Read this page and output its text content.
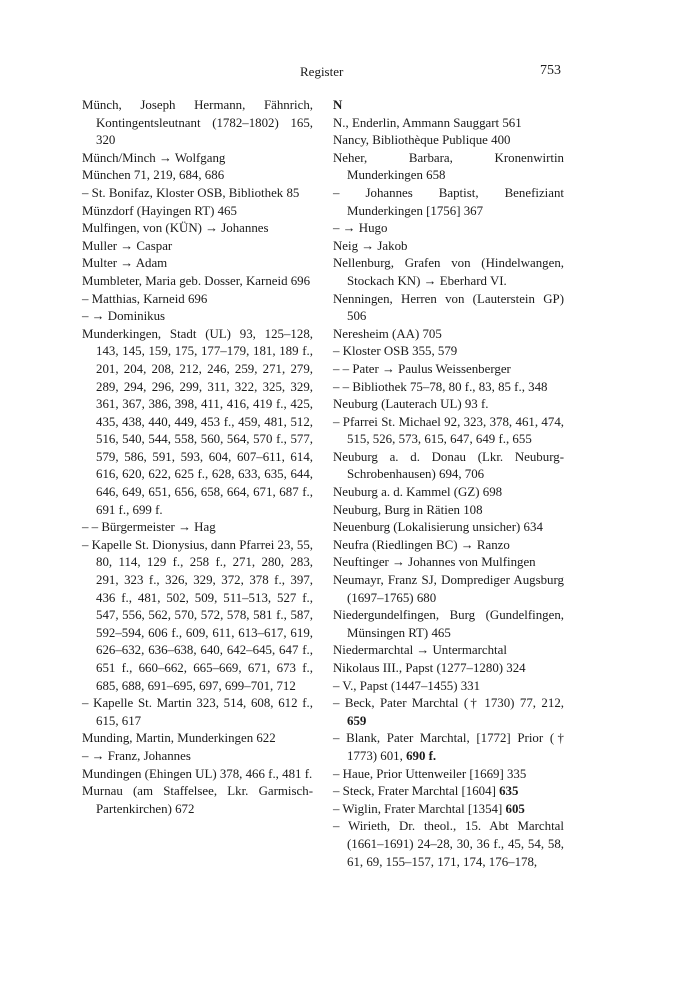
Register	753
Münch, Joseph Hermann, Fähnrich, Kontingentsleutnant (1782–1802) 165, 320
Münch/Minch → Wolfgang
München 71, 219, 684, 686
– St. Bonifaz, Kloster OSB, Bibliothek 85
Münzdorf (Hayingen RT) 465
Mulfingen, von (KÜN) → Johannes
Muller → Caspar
Multer → Adam
Mumbleter, Maria geb. Dosser, Karneid 696
– Matthias, Karneid 696
– → Dominikus
Munderkingen, Stadt (UL) 93, 125–128, 143, 145, 159, 175, 177–179, 181, 189 f., 201, 204, 208, 212, 246, 259, 271, 279, 289, 294, 296, 299, 311, 322, 325, 329, 361, 367, 386, 398, 411, 416, 419 f., 425, 435, 438, 440, 449, 453 f., 459, 481, 512, 516, 540, 544, 558, 560, 564, 570 f., 577, 579, 586, 591, 593, 604, 607–611, 614, 616, 620, 622, 625 f., 628, 633, 635, 644, 646, 649, 651, 656, 658, 664, 671, 687 f., 691 f., 699 f.
– – Bürgermeister → Hag
– Kapelle St. Dionysius, dann Pfarrei 23, 55, 80, 114, 129 f., 258 f., 271, 280, 283, 291, 323 f., 326, 329, 372, 378 f., 397, 436 f., 481, 502, 509, 511–513, 527 f., 547, 556, 562, 570, 572, 578, 581 f., 587, 592–594, 606 f., 609, 611, 613–617, 619, 626–632, 636–638, 640, 642–645, 647 f., 651 f., 660–662, 665–669, 671, 673 f., 685, 688, 691–695, 697, 699–701, 712
– Kapelle St. Martin 323, 514, 608, 612 f., 615, 617
Munding, Martin, Munderkingen 622
– → Franz, Johannes
Mundingen (Ehingen UL) 378, 466 f., 481 f.
Murnau (am Staffelsee, Lkr. Garmisch-Partenkirchen) 672
N
N., Enderlin, Ammann Sauggart 561
Nancy, Bibliothèque Publique 400
Neher, Barbara, Kronenwirtin Munderkingen 658
– Johannes Baptist, Benefiziant Munderkingen [1756] 367
– → Hugo
Neig → Jakob
Nellenburg, Grafen von (Hindelwangen, Stockach KN) → Eberhard VI.
Nenningen, Herren von (Lauterstein GP) 506
Neresheim (AA) 705
– Kloster OSB 355, 579
– – Pater → Paulus Weissenberger
– – Bibliothek 75–78, 80 f., 83, 85 f., 348
Neuburg (Lauterach UL) 93 f.
– Pfarrei St. Michael 92, 323, 378, 461, 474, 515, 526, 573, 615, 647, 649 f., 655
Neuburg a. d. Donau (Lkr. Neuburg-Schrobenhausen) 694, 706
Neuburg a. d. Kammel (GZ) 698
Neuburg, Burg in Rätien 108
Neuenburg (Lokalisierung unsicher) 634
Neufra (Riedlingen BC) → Ranzo
Neuftinger → Johannes von Mulfingen
Neumayr, Franz SJ, Domprediger Augsburg (1697–1765) 680
Niedergundelfingen, Burg (Gundelfingen, Münsingen RT) 465
Niedermarchtal → Untermarchtal
Nikolaus III., Papst (1277–1280) 324
– V., Papst (1447–1455) 331
– Beck, Pater Marchtal († 1730) 77, 212, 659
– Blank, Pater Marchtal, [1772] Prior († 1773) 601, 690 f.
– Haue, Prior Uttenweiler [1669] 335
– Steck, Frater Marchtal [1604] 635
– Wiglin, Frater Marchtal [1354] 605
– Wirieth, Dr. theol., 15. Abt Marchtal (1661–1691) 24–28, 30, 36 f., 45, 54, 58, 61, 69, 155–157, 171, 174, 176–178,
